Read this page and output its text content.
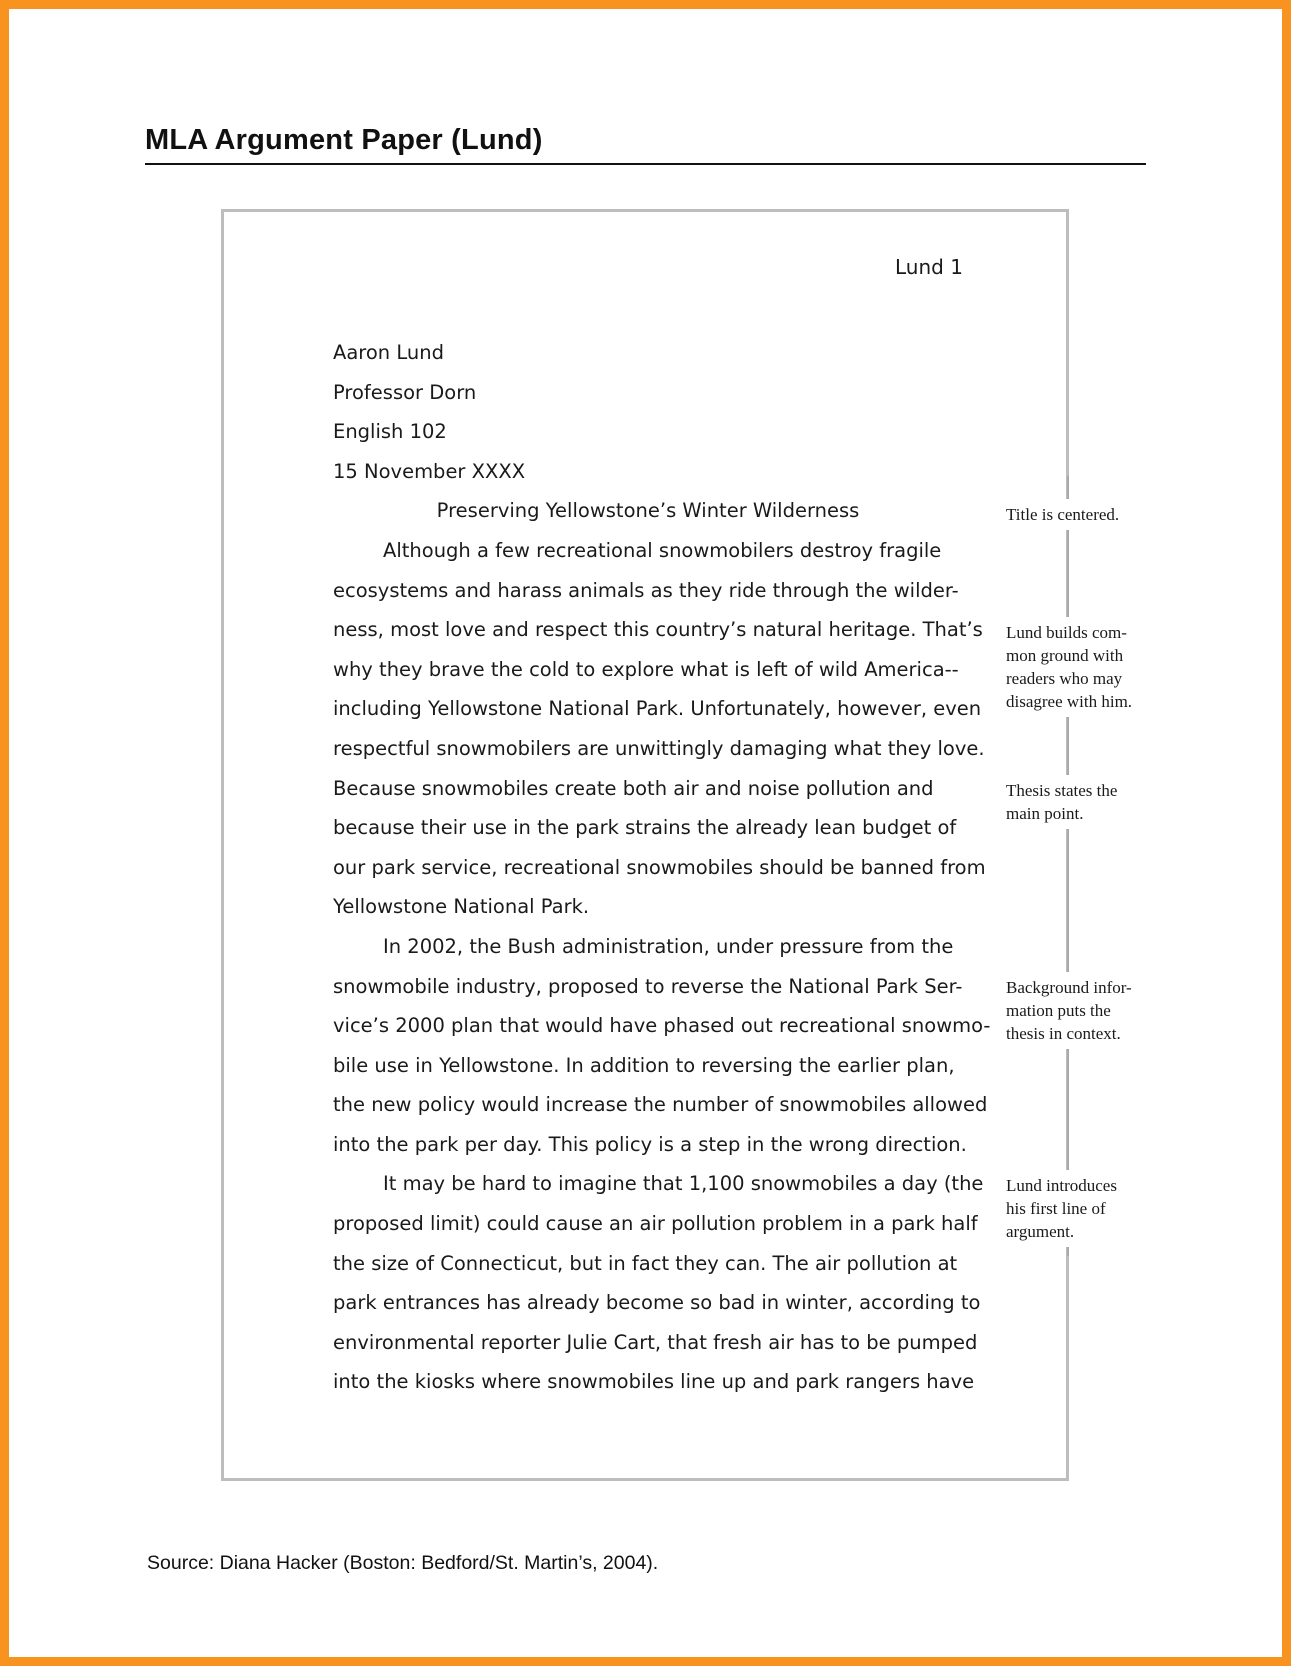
MLA Argument Paper (Lund)
Lund 1
Aaron Lund
Professor Dorn
English 102
15 November XXXX
Preserving Yellowstone’s Winter Wilderness
Although a few recreational snowmobilers destroy fragile
ecosystems and harass animals as they ride through the wilder-
ness, most love and respect this country’s natural heritage. That’s
why they brave the cold to explore what is left of wild America--
including Yellowstone National Park. Unfortunately, however, even
respectful snowmobilers are unwittingly damaging what they love.
Because snowmobiles create both air and noise pollution and
because their use in the park strains the already lean budget of
our park service, recreational snowmobiles should be banned from
Yellowstone National Park.
In 2002, the Bush administration, under pressure from the
snowmobile industry, proposed to reverse the National Park Ser-
vice’s 2000 plan that would have phased out recreational snowmo-
bile use in Yellowstone. In addition to reversing the earlier plan,
the new policy would increase the number of snowmobiles allowed
into the park per day. This policy is a step in the wrong direction.
It may be hard to imagine that 1,100 snowmobiles a day (the
proposed limit) could cause an air pollution problem in a park half
the size of Connecticut, but in fact they can. The air pollution at
park entrances has already become so bad in winter, according to
environmental reporter Julie Cart, that fresh air has to be pumped
into the kiosks where snowmobiles line up and park rangers have
Title is centered.
Lund builds com-
mon ground with
readers who may
disagree with him.
Thesis states the
main point.
Background infor-
mation puts the
thesis in context.
Lund introduces
his first line of
argument.
Source: Diana Hacker (Boston: Bedford/St. Martin’s, 2004).
